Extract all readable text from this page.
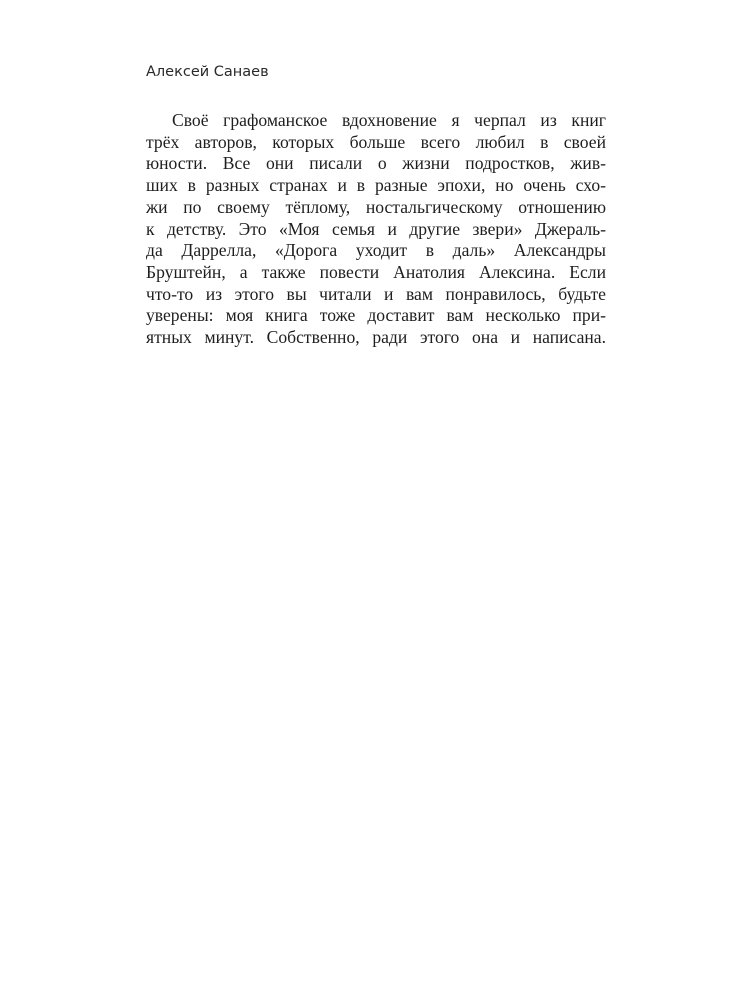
Алексей Санаев
Своё графоманское вдохновение я черпал из книг
трёх авторов, которых больше всего любил в своей
юности. Все они писали о жизни подростков, жив-
ших в разных странах и в разные эпохи, но очень схо-
жи по своему тёплому, ностальгическому отношению
к детству. Это «Моя семья и другие звери» Джераль-
да Даррелла, «Дорога уходит в даль» Александры
Бруштейн, а также повести Анатолия Алексина. Если
что-то из этого вы читали и вам понравилось, будьте
уверены: моя книга тоже доставит вам несколько при-
ятных минут. Собственно, ради этого она и написана.
